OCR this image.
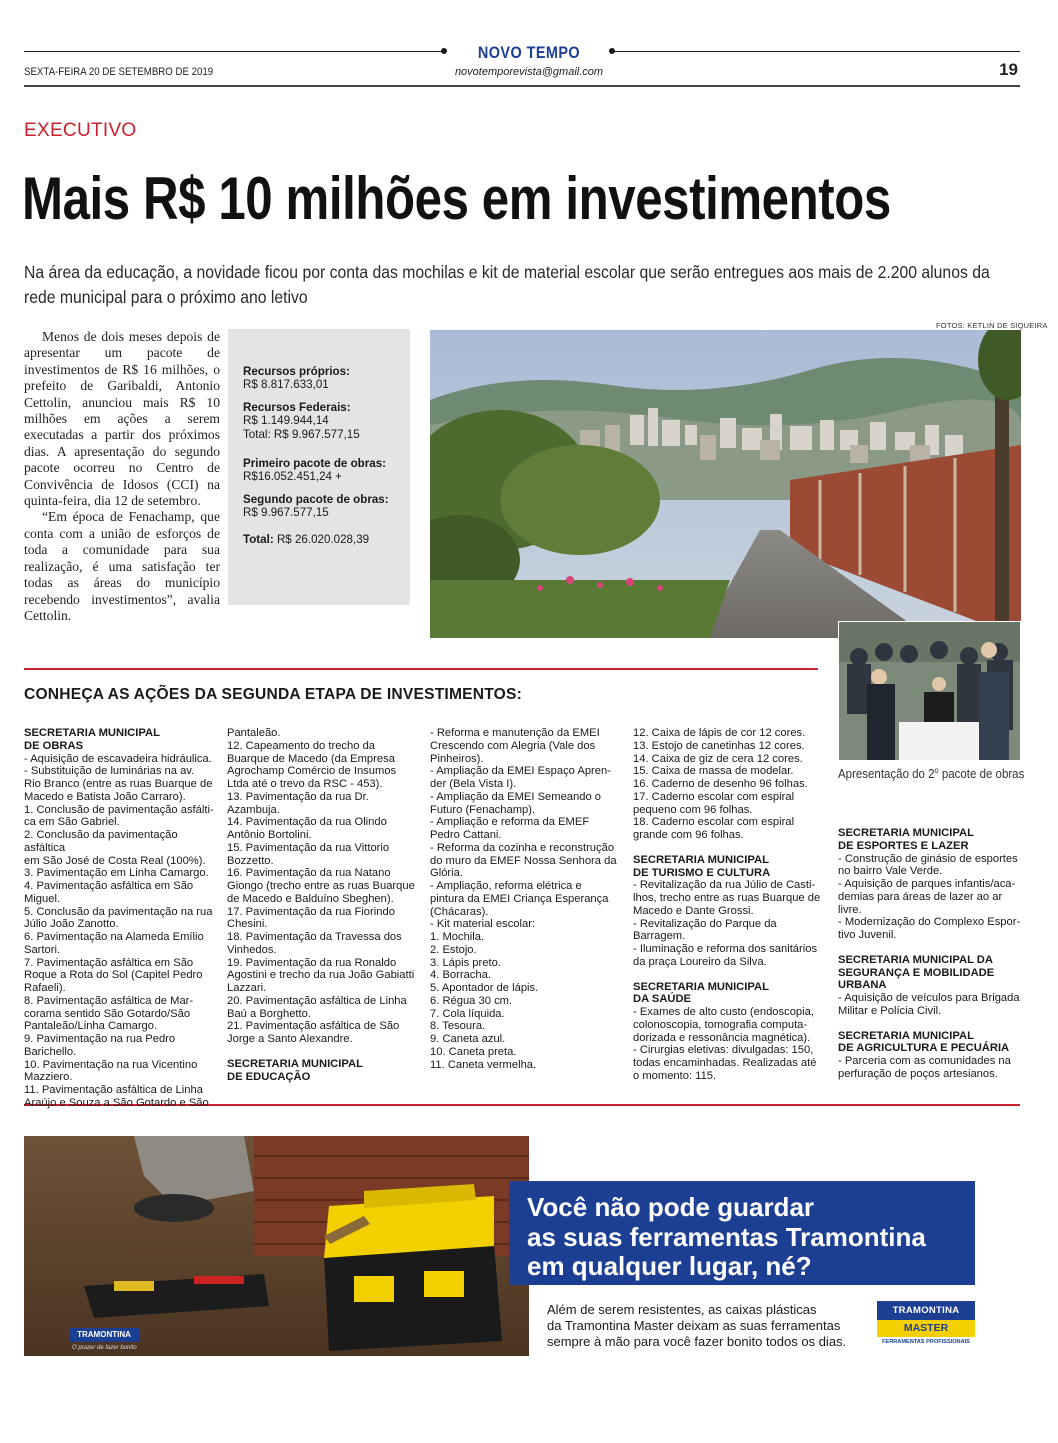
NOVO TEMPO
novotemporevista@gmail.com
SEXTA-FEIRA 20 DE SETEMBRO DE 2019	19
EXECUTIVO
Mais R$ 10 milhões em investimentos
Na área da educação, a novidade ficou por conta das mochilas e kit de material escolar que serão entregues aos mais de 2.200 alunos da rede municipal para o próximo ano letivo

Menos de dois meses depois de apresentar um pacote de investimentos de R$ 16 milhões, o prefeito de Garibaldi, Antonio Cettolin, anunciou mais R$ 10 milhões em ações a serem executadas a partir dos próximos dias. A apresentação do segundo pacote ocorreu no Centro de Convivência de Idosos (CCI) na quinta-feira, dia 12 de setembro.

“Em época de Fenachamp, que conta com a união de esforços de toda a comunidade para sua realização, é uma satisfação ter todas as áreas do município recebendo investimentos”, avalia Cettolin.

Recursos próprios:
R$ 8.817.633,01
Recursos Federais:
R$ 1.149.944,14
Total: R$ 9.967.577,15
Primeiro pacote de obras: R$16.052.451,24 +
Segundo pacote de obras:
R$ 9.967.577,15
Total: R$ 26.020.028,39
FOTOS: KETLIN DE SIQUEIRA
Apresentação do 2$^o$ pacote de obras
CONHEÇA AS AÇÕES DA SEGUNDA ETAPA DE INVESTIMENTOS:
SECRETARIA MUNICIPAL
DE OBRAS
- Aquisição de escavadeira hidráulica.
- Substituição de luminárias na av.
Rio Branco (entre as ruas Buarque de
Macedo e Batista João Carraro).
1. Conclusão de pavimentação asfálti-
ca em São Gabriel.
2. Conclusão da pavimentação asfáltica
em São José de Costa Real (100%).
3. Pavimentação em Linha Camargo.
4. Pavimentação asfáltica em São Miguel.
5. Conclusão da pavimentação na rua
Júlio João Zanotto.
6. Pavimentação na Alameda Emílio
Sartori.
7. Pavimentação asfáltica em São
Roque a Rota do Sol (Capitel Pedro
Rafaeli).
8. Pavimentação asfáltica de Mar-
corama sentido São Gotardo/São
Pantaleão/Linha Camargo.
9. Pavimentação na rua Pedro Barichello.
10. Pavimentação na rua Vicentino
Mazziero.
11. Pavimentação asfáltica de Linha
Araújo e Souza a São Gotardo e São
Pantaleão.
12. Capeamento do trecho da
Buarque de Macedo (da Empresa
Agrochamp Comércio de Insumos
Ltda até o trevo da RSC - 453).
13. Pavimentação da rua Dr. Azambuja.
14. Pavimentação da rua Olindo
Antônio Bortolini.
15. Pavimentação da rua Vittorio
Bozzetto.
16. Pavimentação da rua Natano
Giongo (trecho entre as ruas Buarque
de Macedo e Balduíno Sbeghen).
17. Pavimentação da rua Fiorindo
Chesini.
18. Pavimentação da Travessa dos
Vinhedos.
19. Pavimentação da rua Ronaldo
Agostini e trecho da rua João Gabiatti
Lazzari.
20. Pavimentação asfáltica de Linha
Baú a Borghetto.
21. Pavimentação asfáltica de São
Jorge a Santo Alexandre.
SECRETARIA MUNICIPAL
DE EDUCAÇÃO
- Reforma e manutenção da EMEI
Crescendo com Alegria (Vale dos
Pinheiros).
- Ampliação da EMEI Espaço Apren-
der (Bela Vista I).
- Ampliação da EMEI Semeando o
Futuro (Fenachamp).
- Ampliação e reforma da EMEF
Pedro Cattani.
- Reforma da cozinha e reconstrução
do muro da EMEF Nossa Senhora da
Glória.
- Ampliação, reforma elétrica e
pintura da EMEI Criança Esperança
(Chácaras).
- Kit material escolar:
1. Mochila.
2. Estojo.
3. Lápis preto.
4. Borracha.
5. Apontador de lápis.
6. Régua 30 cm.
7. Cola líquida.
8. Tesoura.
9. Caneta azul.
10. Caneta preta.
11. Caneta vermelha.
12. Caixa de lápis de cor 12 cores.
13. Estojo de canetinhas 12 cores.
14. Caixa de giz de cera 12 cores.
15. Caixa de massa de modelar.
16. Caderno de desenho 96 folhas.
17. Caderno escolar com espiral
pequeno com 96 folhas.
18. Caderno escolar com espiral
grande com 96 folhas.
SECRETARIA MUNICIPAL
DE TURISMO E CULTURA
- Revitalização da rua Júlio de Casti-
lhos, trecho entre as ruas Buarque de
Macedo e Dante Grossi.
- Revitalização do Parque da Barragem.
- Iluminação e reforma dos sanitários
da praça Loureiro da Silva.
SECRETARIA MUNICIPAL
DA SAÚDE
- Exames de alto custo (endoscopia,
colonoscopia, tomografia computa-
dorizada e ressonância magnética).
- Cirurgias eletivas: divulgadas: 150,
todas encaminhadas. Realizadas até
o momento: 115.
SECRETARIA MUNICIPAL
DE ESPORTES E LAZER
- Construção de ginásio de esportes
no bairro Vale Verde.
- Aquisição de parques infantis/aca-
demias para áreas de lazer ao ar livre.
- Modernização do Complexo Espor-
tivo Juvenil.
SECRETARIA MUNICIPAL DA
SEGURANÇA E MOBILIDADE
URBANA
- Aquisição de veículos para Brigada
Militar e Polícia Civil.
SECRETARIA MUNICIPAL
DE AGRICULTURA E PECUÁRIA
- Parceria com as comunidades na
perfuração de poços artesianos.
Você não pode guardar
as suas ferramentas Tramontina
em qualquer lugar, né?
Além de serem resistentes, as caixas plásticas
da Tramontina Master deixam as suas ferramentas
sempre à mão para você fazer bonito todos os dias.
TRAMONTINA
MASTER
FERRAMENTAS PROFISSIONAIS
TRAMONTINA
O prazer de fazer bonito
